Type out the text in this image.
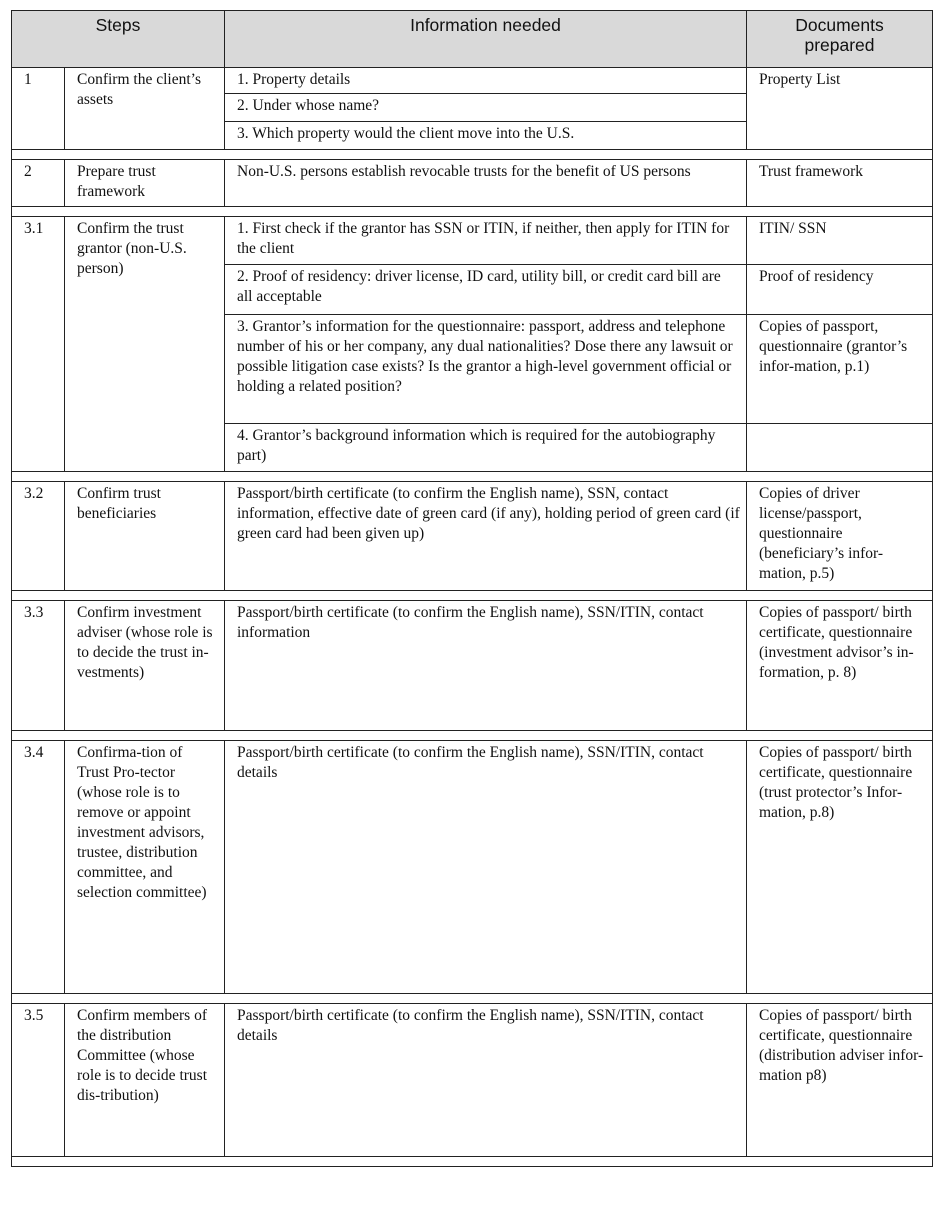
Steps		Information needed	Documents
prepared
1	Confirm the client’s assets	1. Property details	Property List
		2. Under whose name?	
		3. Which property would the client move into the U.S.	

2	Prepare trust framework	Non-U.S. persons establish revocable trusts for the benefit of US persons	Trust framework

3.1	Confirm the trust grantor (non-U.S. person)	1. First check if the grantor has SSN or ITIN, if neither, then apply for ITIN for the client	ITIN/ SSN
		2. Proof of residency: driver license, ID card, utility bill, or credit card bill are all acceptable	Proof of residency
		3. Grantor’s information for the questionnaire: passport, address and telephone number of his or her company, any dual nationalities? Dose there any lawsuit or possible litigation case exists? Is the grantor a high-level government official or holding a related position?	Copies of passport, questionnaire (grantor’s infor-mation, p.1)
		4. Grantor’s background information which is required for the autobiography part)	

3.2	Confirm trust beneficiaries	Passport/birth certificate (to confirm the English name), SSN, contact information, effective date of green card (if any), holding period of green card (if green card had been given up)	Copies of driver license/passport, questionnaire (beneficiary’s infor-mation, p.5)

3.3	Confirm investment adviser (whose role is to decide the trust in-vestments)	Passport/birth certificate (to confirm the English name), SSN/ITIN, contact information	Copies of passport/ birth certificate, questionnaire (investment advisor’s in-formation, p. 8)

3.4	Confirma-tion of Trust Pro-tector (whose role is to remove or appoint investment advisors, trustee, distribution committee, and selection committee)	Passport/birth certificate (to confirm the English name), SSN/ITIN, contact details	Copies of passport/ birth certificate, questionnaire (trust protector’s Infor-mation, p.8)

3.5	Confirm members of the distribution Committee (whose role is to decide trust dis-tribution)	Passport/birth certificate (to confirm the English name), SSN/ITIN, contact details	Copies of passport/ birth certificate, questionnaire (distribution adviser infor-mation p8)
